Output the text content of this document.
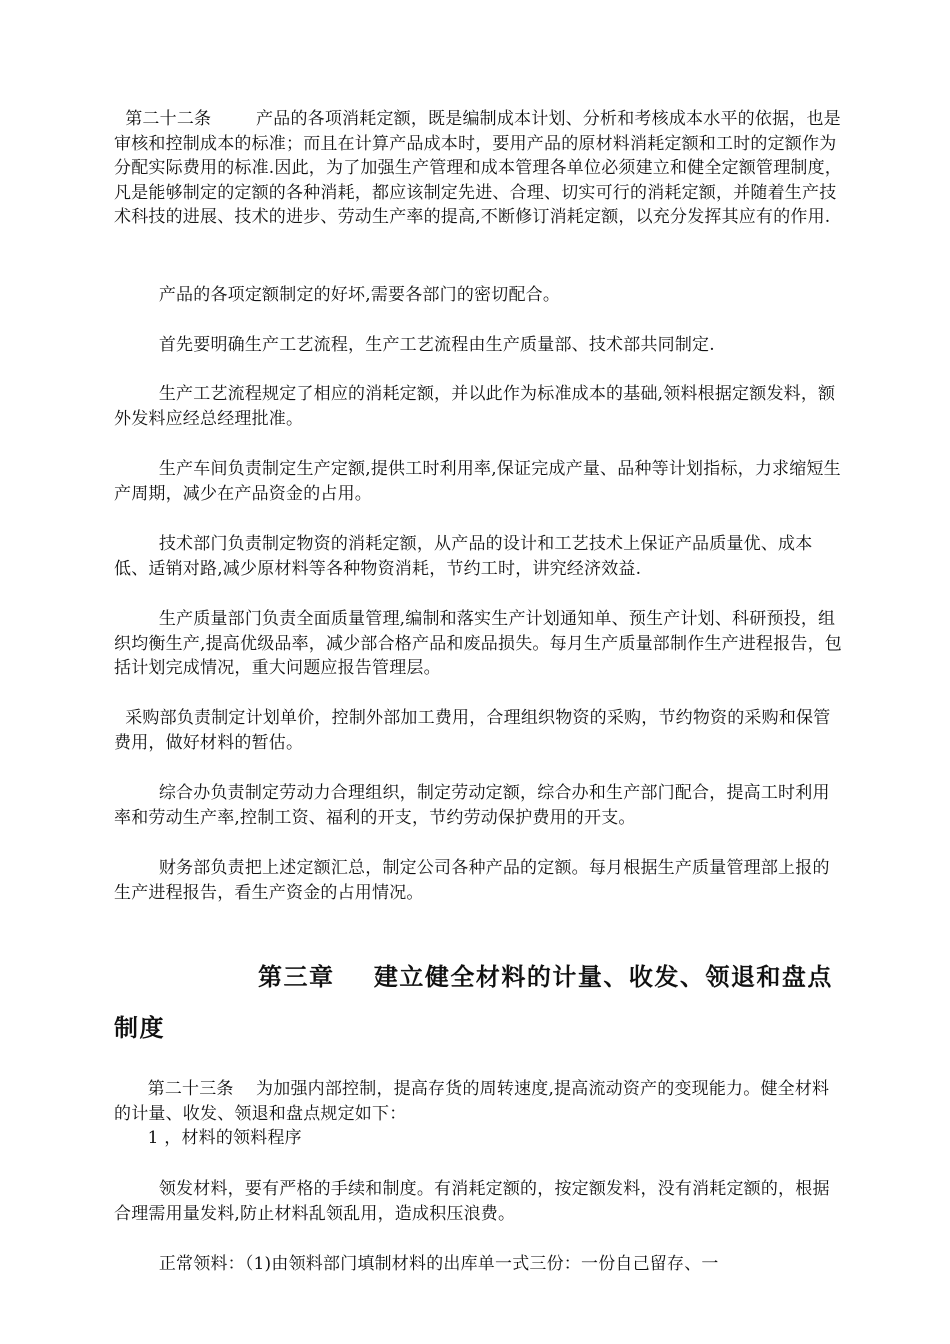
第二十二条        产品的各项消耗定额，既是编制成本计划、分析和考核成本水平的依据，也是审核和控制成本的标准；而且在计算产品成本时，要用产品的原材料消耗定额和工时的定额作为分配实际费用的标准.因此，为了加强生产管理和成本管理各单位必须建立和健全定额管理制度，凡是能够制定的定额的各种消耗，都应该制定先进、合理、切实可行的消耗定额，并随着生产技术科技的进展、技术的进步、劳动生产率的提高,不断修订消耗定额，以充分发挥其应有的作用.

产品的各项定额制定的好坏,需要各部门的密切配合。

首先要明确生产工艺流程，生产工艺流程由生产质量部、技术部共同制定.

生产工艺流程规定了相应的消耗定额，并以此作为标准成本的基础,领料根据定额发料，额外发料应经总经理批准。

生产车间负责制定生产定额,提供工时利用率,保证完成产量、品种等计划指标，力求缩短生产周期，减少在产品资金的占用。

技术部门负责制定物资的消耗定额，从产品的设计和工艺技术上保证产品质量优、成本低、适销对路,减少原材料等各种物资消耗，节约工时，讲究经济效益.

生产质量部门负责全面质量管理,编制和落实生产计划通知单、预生产计划、科研预投，组织均衡生产,提高优级品率，减少部合格产品和废品损失。每月生产质量部制作生产进程报告，包括计划完成情况，重大问题应报告管理层。

采购部负责制定计划单价，控制外部加工费用，合理组织物资的采购，节约物资的采购和保管费用，做好材料的暂估。

综合办负责制定劳动力合理组织，制定劳动定额，综合办和生产部门配合，提高工时利用率和劳动生产率,控制工资、福利的开支，节约劳动保护费用的开支。

财务部负责把上述定额汇总，制定公司各种产品的定额。每月根据生产质量管理部上报的生产进程报告，看生产资金的占用情况。

第三章    建立健全材料的计量、收发、领退和盘点
制度

第二十三条    为加强内部控制，提高存货的周转速度,提高流动资产的变现能力。健全材料的计量、收发、领退和盘点规定如下：

1 ，材料的领料程序

领发材料，要有严格的手续和制度。有消耗定额的，按定额发料，没有消耗定额的，根据合理需用量发料,防止材料乱领乱用，造成积压浪费。

正常领料：（1)由领料部门填制材料的出库单一式三份：一份自己留存、一
